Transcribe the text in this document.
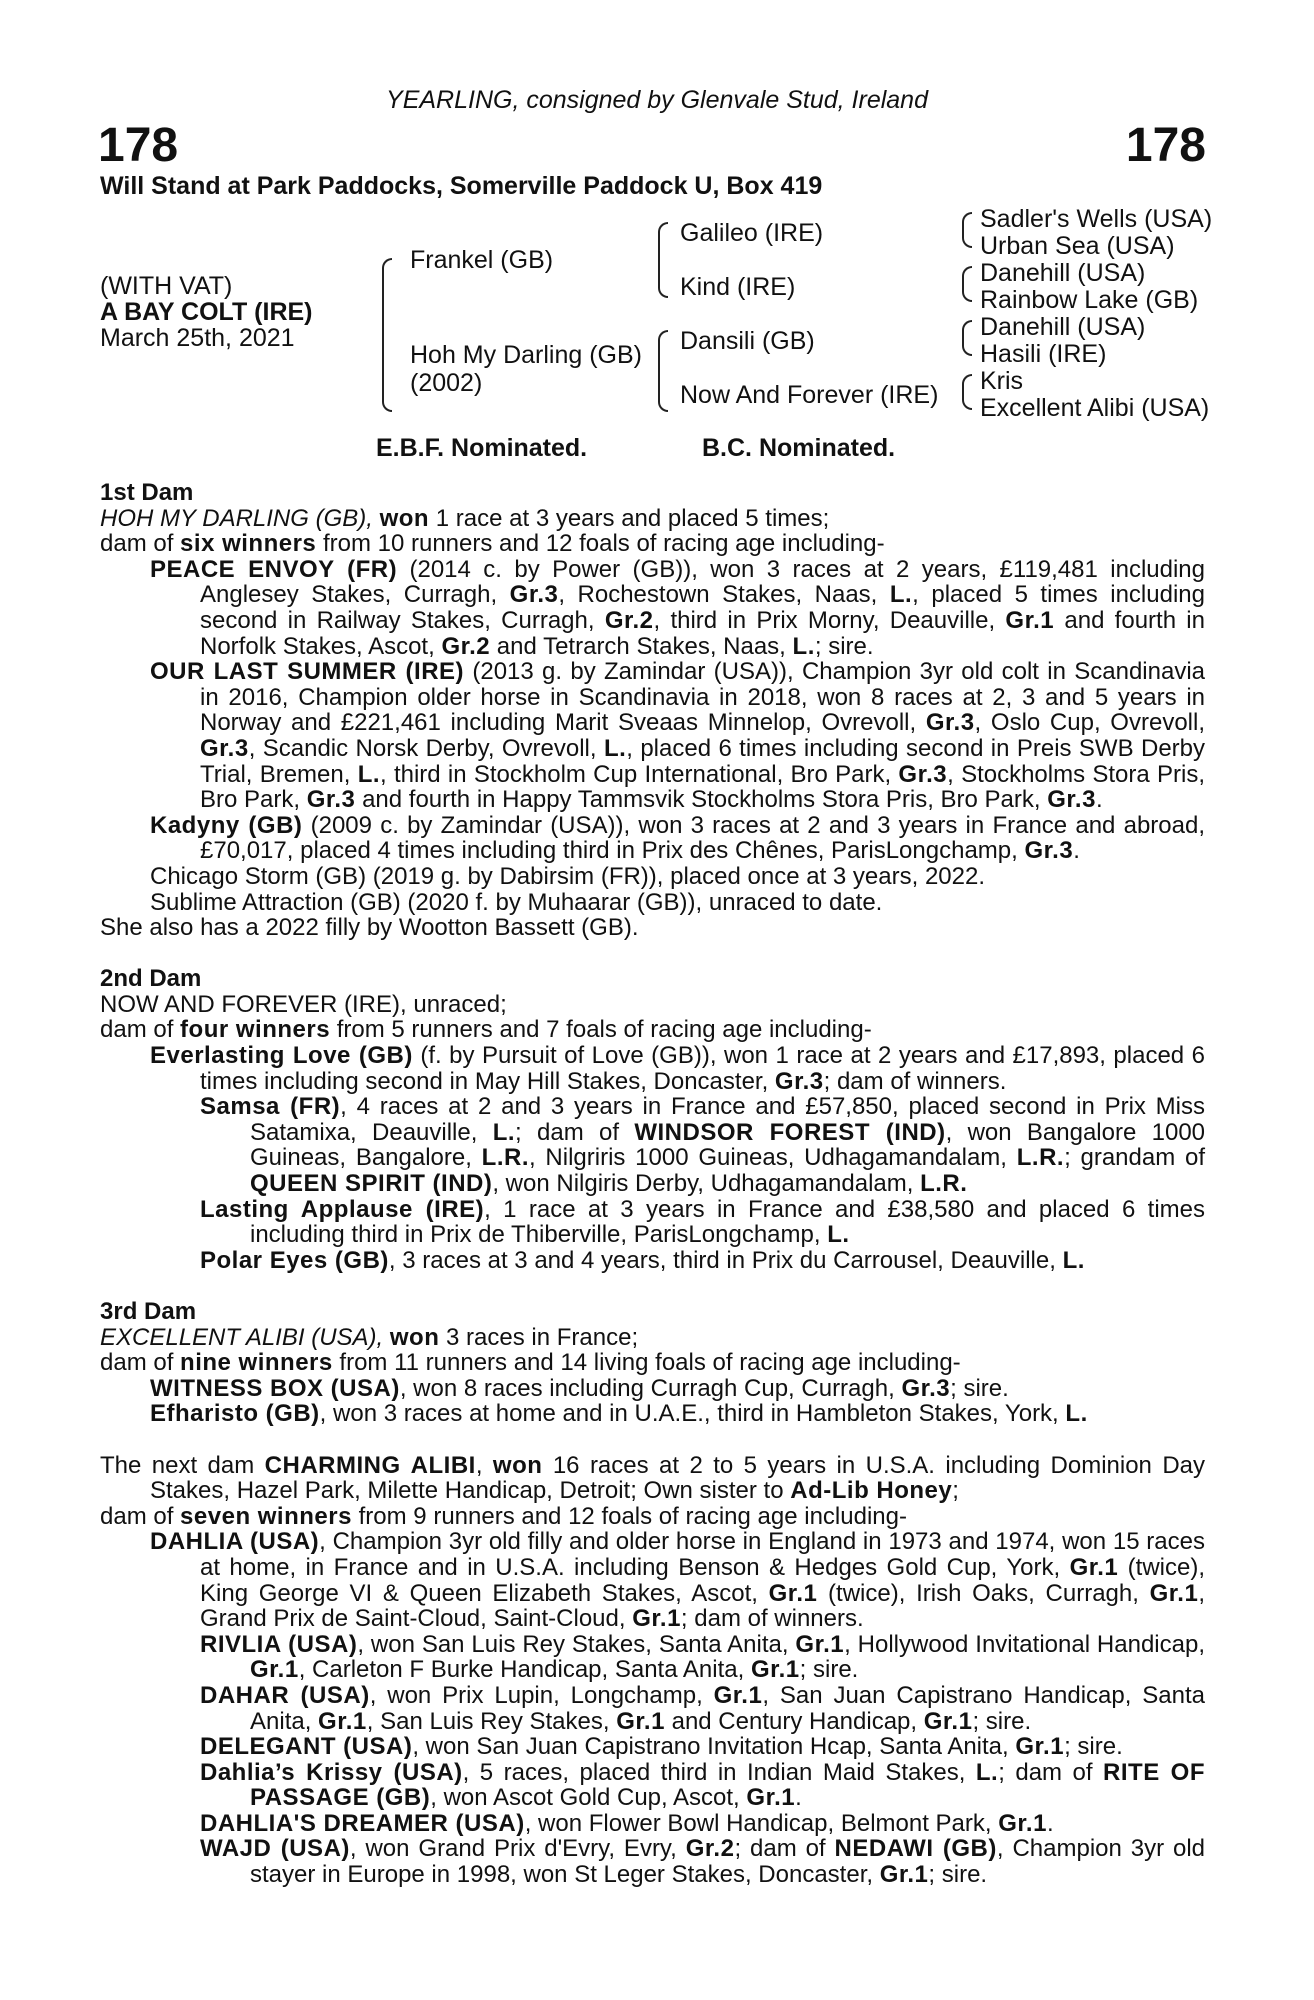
YEARLING, consigned by Glenvale Stud, Ireland
178	178
Will Stand at Park Paddocks, Somerville Paddock U, Box 419
(WITH VAT)
A BAY COLT (IRE)
March 25th, 2021
Frankel (GB)
Hoh My Darling (GB)
(2002)
Galileo (IRE)
Kind (IRE)
Dansili (GB)
Now And Forever (IRE)
Sadler's Wells (USA)
Urban Sea (USA)
Danehill (USA)
Rainbow Lake (GB)
Danehill (USA)
Hasili (IRE)
Kris
Excellent Alibi (USA)
E.B.F. Nominated.	B.C. Nominated.

1st Dam

HOH MY DARLING (GB), won 1 race at 3 years and placed 5 times;

dam of six winners from 10 runners and 12 foals of racing age including-

PEACE ENVOY (FR) (2014 c. by Power (GB)), won 3 races at 2 years, £119,481 including Anglesey Stakes, Curragh, Gr.3, Rochestown Stakes, Naas, L., placed 5 times including second in Railway Stakes, Curragh, Gr.2, third in Prix Morny, Deauville, Gr.1 and fourth in Norfolk Stakes, Ascot, Gr.2 and Tetrarch Stakes, Naas, L.; sire.

OUR LAST SUMMER (IRE) (2013 g. by Zamindar (USA)), Champion 3yr old colt in Scandinavia in 2016, Champion older horse in Scandinavia in 2018, won 8 races at 2, 3 and 5 years in Norway and £221,461 including Marit Sveaas Minnelop, Ovrevoll, Gr.3, Oslo Cup, Ovrevoll, Gr.3, Scandic Norsk Derby, Ovrevoll, L., placed 6 times including second in Preis SWB Derby Trial, Bremen, L., third in Stockholm Cup International, Bro Park, Gr.3, Stockholms Stora Pris, Bro Park, Gr.3 and fourth in Happy Tammsvik Stockholms Stora Pris, Bro Park, Gr.3.

Kadyny (GB) (2009 c. by Zamindar (USA)), won 3 races at 2 and 3 years in France and abroad, £70,017, placed 4 times including third in Prix des Chênes, ParisLongchamp, Gr.3.

Chicago Storm (GB) (2019 g. by Dabirsim (FR)), placed once at 3 years, 2022.

Sublime Attraction (GB) (2020 f. by Muhaarar (GB)), unraced to date.

She also has a 2022 filly by Wootton Bassett (GB).

2nd Dam

NOW AND FOREVER (IRE), unraced;

dam of four winners from 5 runners and 7 foals of racing age including-

Everlasting Love (GB) (f. by Pursuit of Love (GB)), won 1 race at 2 years and £17,893, placed 6 times including second in May Hill Stakes, Doncaster, Gr.3; dam of winners.

Samsa (FR), 4 races at 2 and 3 years in France and £57,850, placed second in Prix Miss Satamixa, Deauville, L.; dam of WINDSOR FOREST (IND), won Bangalore 1000 Guineas, Bangalore, L.R., Nilgriris 1000 Guineas, Udhagamandalam, L.R.; grandam of QUEEN SPIRIT (IND), won Nilgiris Derby, Udhagamandalam, L.R.

Lasting Applause (IRE), 1 race at 3 years in France and £38,580 and placed 6 times including third in Prix de Thiberville, ParisLongchamp, L.

Polar Eyes (GB), 3 races at 3 and 4 years, third in Prix du Carrousel, Deauville, L.

3rd Dam

EXCELLENT ALIBI (USA), won 3 races in France;

dam of nine winners from 11 runners and 14 living foals of racing age including-

WITNESS BOX (USA), won 8 races including Curragh Cup, Curragh, Gr.3; sire.

Efharisto (GB), won 3 races at home and in U.A.E., third in Hambleton Stakes, York, L.

The next dam CHARMING ALIBI, won 16 races at 2 to 5 years in U.S.A. including Dominion Day Stakes, Hazel Park, Milette Handicap, Detroit; Own sister to Ad-Lib Honey;

dam of seven winners from 9 runners and 12 foals of racing age including-

DAHLIA (USA), Champion 3yr old filly and older horse in England in 1973 and 1974, won 15 races at home, in France and in U.S.A. including Benson & Hedges Gold Cup, York, Gr.1 (twice), King George VI & Queen Elizabeth Stakes, Ascot, Gr.1 (twice), Irish Oaks, Curragh, Gr.1, Grand Prix de Saint-Cloud, Saint-Cloud, Gr.1; dam of winners.

RIVLIA (USA), won San Luis Rey Stakes, Santa Anita, Gr.1, Hollywood Invitational Handicap, Gr.1, Carleton F Burke Handicap, Santa Anita, Gr.1; sire.

DAHAR (USA), won Prix Lupin, Longchamp, Gr.1, San Juan Capistrano Handicap, Santa Anita, Gr.1, San Luis Rey Stakes, Gr.1 and Century Handicap, Gr.1; sire.

DELEGANT (USA), won San Juan Capistrano Invitation Hcap, Santa Anita, Gr.1; sire.

Dahlia’s Krissy (USA), 5 races, placed third in Indian Maid Stakes, L.; dam of RITE OF PASSAGE (GB), won Ascot Gold Cup, Ascot, Gr.1.

DAHLIA'S DREAMER (USA), won Flower Bowl Handicap, Belmont Park, Gr.1.

WAJD (USA), won Grand Prix d'Evry, Evry, Gr.2; dam of NEDAWI (GB), Champion 3yr old stayer in Europe in 1998, won St Leger Stakes, Doncaster, Gr.1; sire.
